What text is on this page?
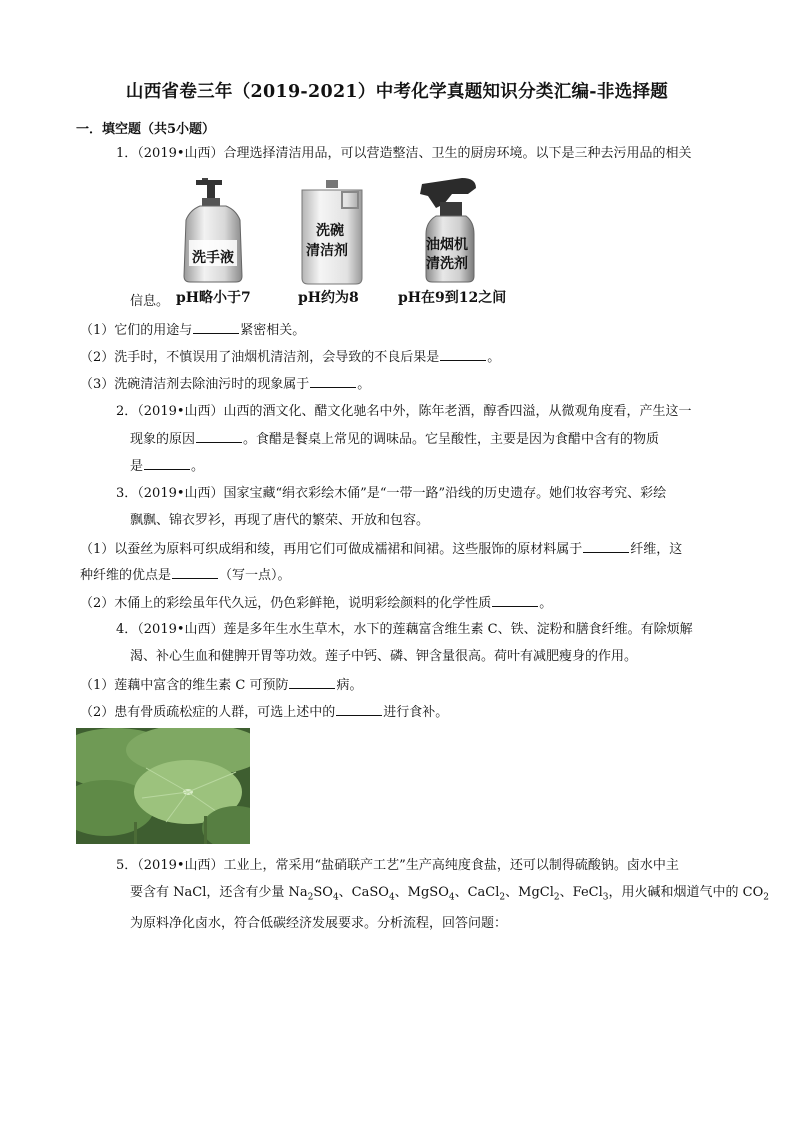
山西省卷三年（2019-2021）中考化学真题知识分类汇编-非选择题
一．填空题（共5小题）
1．（2019•山西）合理选择清洁用品，可以营造整洁、卫生的厨房环境。以下是三种去污用品的相关
洗手液
洗碗
清洁剂	油烟机
清洗剂
信息。 pH略小于7	pH约为8	pH在9到12之间
（1）它们的用途与	紧密相关。
（2）洗手时，不慎误用了油烟机清洁剂，会导致的不良后果是	。
（3）洗碗清洁剂去除油污时的现象属于	。
2．（2019•山西）山西的酒文化、醋文化驰名中外，陈年老酒，醇香四溢，从微观角度看，产生这一
现象的原因	。食醋是餐桌上常见的调味品。它呈酸性，主要是因为食醋中含有的物质
是	。
3．（2019•山西）国家宝藏“绢衣彩绘木俑”是“一带一路”沿线的历史遗存。她们妆容考究、彩绘
飘飘、锦衣罗衫，再现了唐代的繁荣、开放和包容。
（1）以蚕丝为原料可织成绢和绫，再用它们可做成襦裙和间裙。这些服饰的原材料属于	纤维，这
种纤维的优点是	（写一点）。
（2）木俑上的彩绘虽年代久远，仍色彩鲜艳，说明彩绘颜料的化学性质	。
4．（2019•山西）莲是多年生水生草木，水下的莲藕富含维生素 C、铁、淀粉和膳食纤维。有除烦解
渴、补心生血和健脾开胃等功效。莲子中钙、磷、钾含量很高。荷叶有减肥瘦身的作用。
（1）莲藕中富含的维生素 C 可预防	病。
（2）患有骨质疏松症的人群，可选上述中的	进行食补。
5．（2019•山西）工业上，常采用“盐硝联产工艺”生产高纯度食盐，还可以制得硫酸钠。卤水中主
要含有 NaCl，还含有少量 $Na_2SO_4$、CaSO$_4$、MgSO$_4$、CaCl$_2$、MgCl$_2$、FeCl$_3$，用火碱和烟道气中的 $CO_2$
为原料净化卤水，符合低碳经济发展要求。分析流程，回答问题：
